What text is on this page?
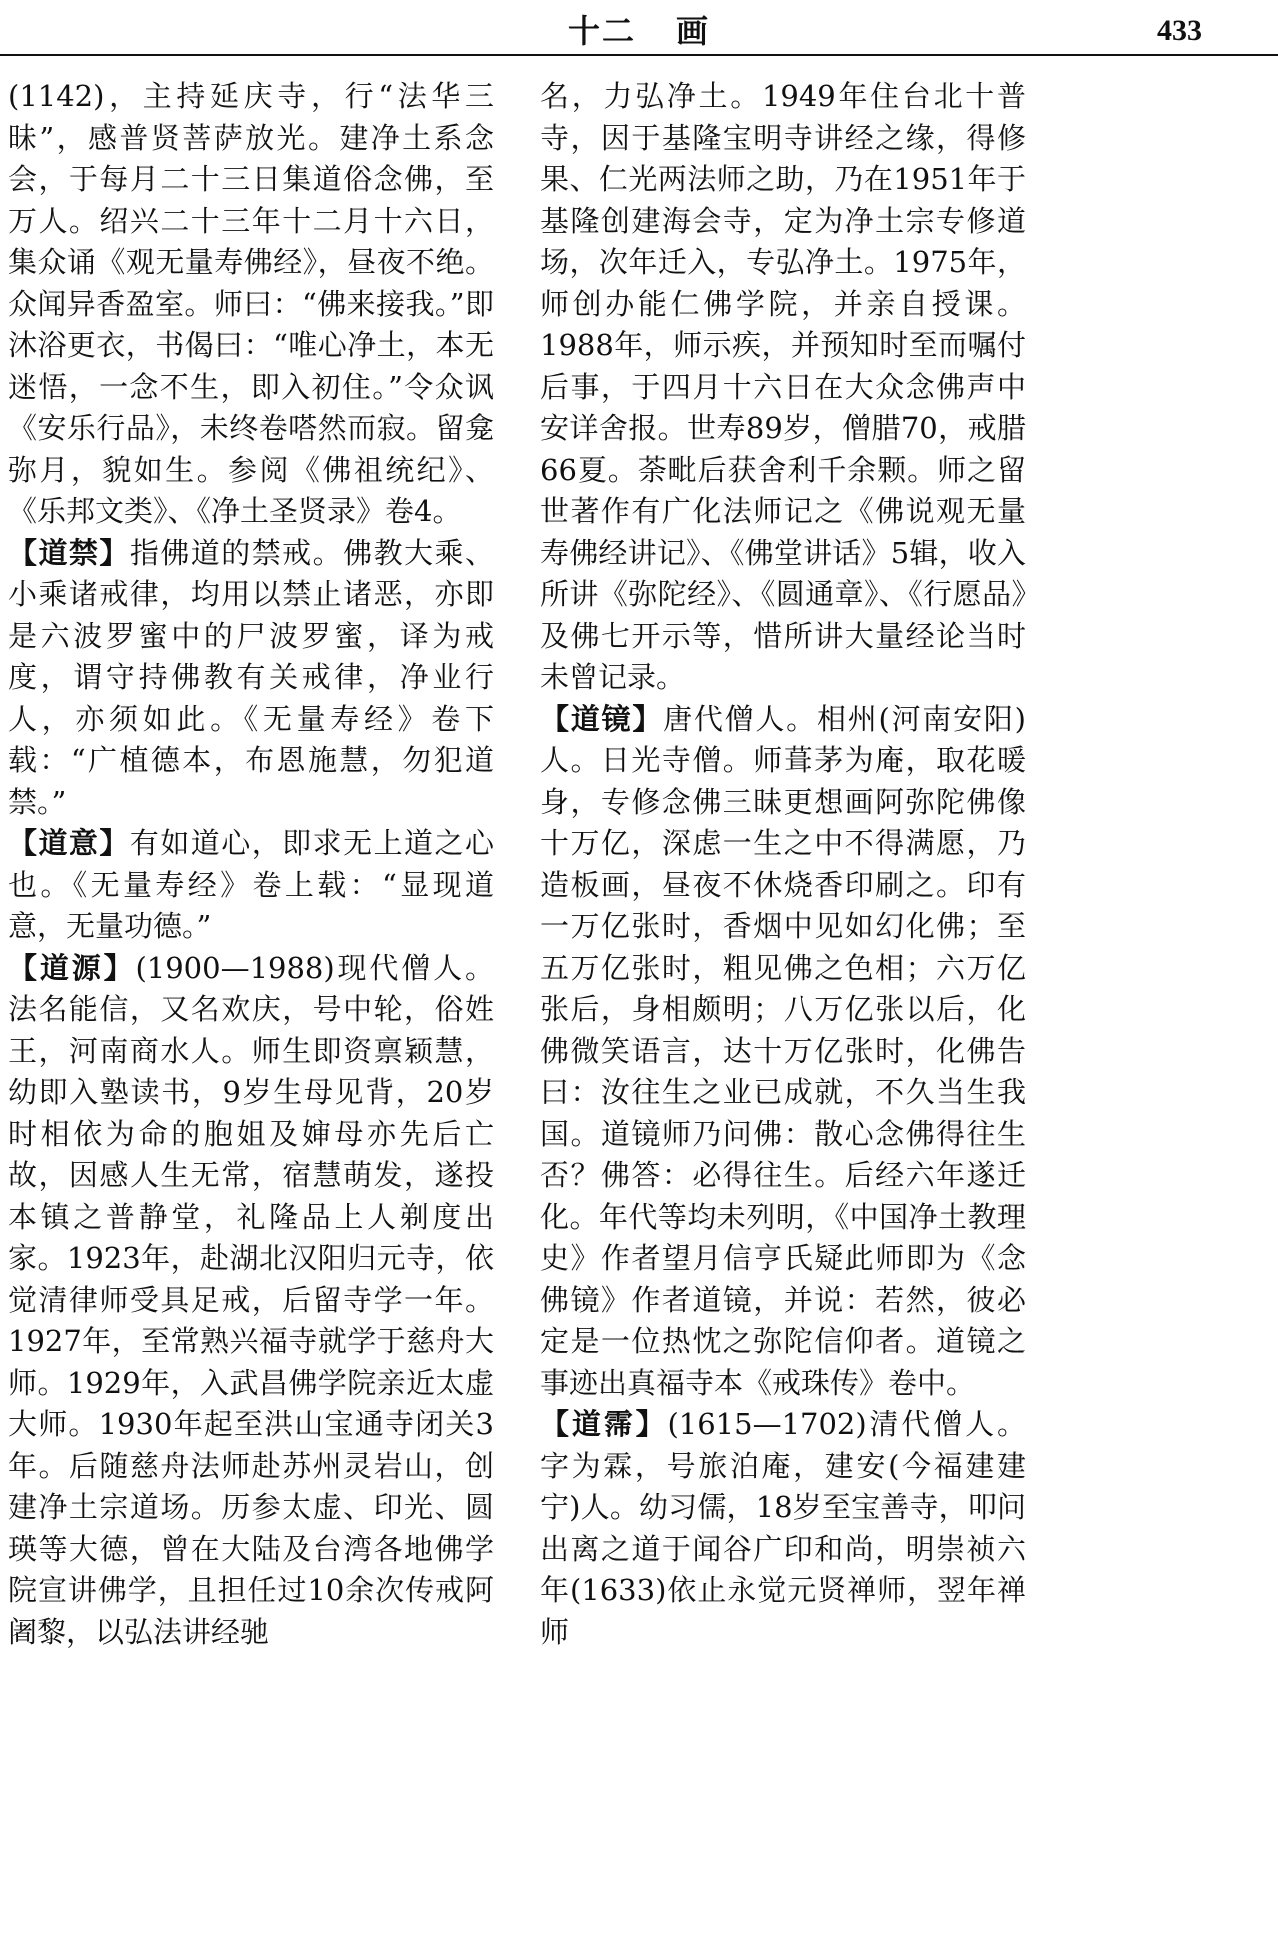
十二 画	433

(1142)，主持延庆寺，行“法华三昧”，感普贤菩萨放光。建净土系念会，于每月二十三日集道俗念佛，至万人。绍兴二十三年十二月十六日，集众诵《观无量寿佛经》，昼夜不绝。众闻异香盈室。师曰：“佛来接我。”即沐浴更衣，书偈曰：“唯心净土，本无迷悟，一念不生，即入初住。”令众讽《安乐行品》，未终卷嗒然而寂。留龛弥月，貌如生。参阅《佛祖统纪》、《乐邦文类》、《净土圣贤录》卷4。

【道禁】指佛道的禁戒。佛教大乘、小乘诸戒律，均用以禁止诸恶，亦即是六波罗蜜中的尸波罗蜜，译为戒度，谓守持佛教有关戒律，净业行人，亦须如此。《无量寿经》卷下载：“广植德本，布恩施慧，勿犯道禁。”

【道意】有如道心，即求无上道之心也。《无量寿经》卷上载：“显现道意，无量功德。”

【道源】(1900—1988)现代僧人。法名能信，又名欢庆，号中轮，俗姓王，河南商水人。师生即资禀颖慧，幼即入塾读书，9岁生母见背，20岁时相依为命的胞姐及婶母亦先后亡故，因感人生无常，宿慧萌发，遂投本镇之普静堂，礼隆品上人剃度出家。1923年，赴湖北汉阳归元寺，依觉清律师受具足戒，后留寺学一年。1927年，至常熟兴福寺就学于慈舟大师。1929年，入武昌佛学院亲近太虚大师。1930年起至洪山宝通寺闭关3年。后随慈舟法师赴苏州灵岩山，创建净土宗道场。历参太虚、印光、圆瑛等大德，曾在大陆及台湾各地佛学院宣讲佛学，且担任过10余次传戒阿阇黎，以弘法讲经驰

名，力弘净土。1949年住台北十普寺，因于基隆宝明寺讲经之缘，得修果、仁光两法师之助，乃在1951年于基隆创建海会寺，定为净土宗专修道场，次年迁入，专弘净土。1975年，师创办能仁佛学院，并亲自授课。1988年，师示疾，并预知时至而嘱付后事，于四月十六日在大众念佛声中安详舍报。世寿89岁，僧腊70，戒腊66夏。荼毗后获舍利千余颗。师之留世著作有广化法师记之《佛说观无量寿佛经讲记》、《佛堂讲话》5辑，收入所讲《弥陀经》、《圆通章》、《行愿品》及佛七开示等，惜所讲大量经论当时未曾记录。

【道镜】唐代僧人。相州(河南安阳)人。日光寺僧。师葺茅为庵，取花暖身，专修念佛三昧更想画阿弥陀佛像十万亿，深虑一生之中不得满愿，乃造板画，昼夜不休烧香印刷之。印有一万亿张时，香烟中见如幻化佛；至五万亿张时，粗见佛之色相；六万亿张后，身相颇明；八万亿张以后，化佛微笑语言，达十万亿张时，化佛告曰：汝往生之业已成就，不久当生我国。道镜师乃问佛：散心念佛得往生否？佛答：必得往生。后经六年遂迁化。年代等均未列明，《中国净土教理史》作者望月信亨氏疑此师即为《念佛镜》作者道镜，并说：若然，彼必定是一位热忱之弥陀信仰者。道镜之事迹出真福寺本《戒珠传》卷中。

【道霈】(1615—1702)清代僧人。字为霖，号旅泊庵，建安(今福建建宁)人。幼习儒，18岁至宝善寺，叩问出离之道于闻谷广印和尚，明崇祯六年(1633)依止永觉元贤禅师，翌年禅师
